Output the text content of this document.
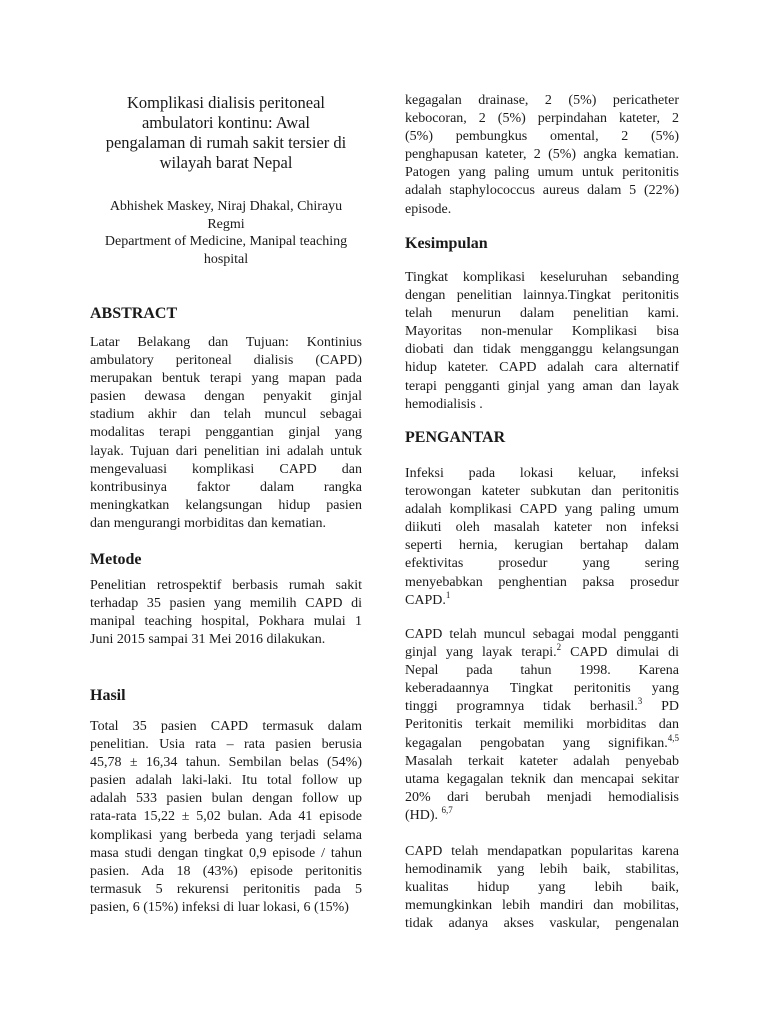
Komplikasi dialisis peritoneal
ambulatori kontinu: Awal
pengalaman di rumah sakit tersier di
wilayah barat Nepal

Abhishek Maskey, Niraj Dhakal, Chirayu
Regmi

Department of Medicine, Manipal teaching
hospital

ABSTRACT
Latar Belakang dan Tujuan: Kontinius
ambulatory peritoneal dialisis (CAPD)
merupakan bentuk terapi yang mapan pada
pasien dewasa dengan penyakit ginjal
stadium akhir dan telah muncul sebagai
modalitas terapi penggantian ginjal yang
layak. Tujuan dari penelitian ini adalah untuk
mengevaluasi komplikasi CAPD dan
kontribusinya faktor dalam rangka
meningkatkan kelangsungan hidup pasien
dan mengurangi morbiditas dan kematian.
Metode
Penelitian retrospektif berbasis rumah sakit
terhadap 35 pasien yang memilih CAPD di
manipal teaching hospital, Pokhara mulai 1
Juni 2015 sampai 31 Mei 2016 dilakukan.
Hasil
Total 35 pasien CAPD termasuk dalam
penelitian. Usia rata – rata pasien berusia
45,78 ± 16,34 tahun. Sembilan belas (54%)
pasien adalah laki-laki. Itu total follow up
adalah 533 pasien bulan dengan follow up
rata-rata 15,22 ± 5,02 bulan. Ada 41 episode
komplikasi yang berbeda yang terjadi selama
masa studi dengan tingkat 0,9 episode / tahun
pasien. Ada 18 (43%) episode peritonitis
termasuk 5 rekurensi peritonitis pada 5
pasien, 6 (15%) infeksi di luar lokasi, 6 (15%)
kegagalan drainase, 2 (5%) pericatheter
kebocoran, 2 (5%) perpindahan kateter, 2
(5%) pembungkus omental, 2 (5%)
penghapusan kateter, 2 (5%) angka kematian.
Patogen yang paling umum untuk peritonitis
adalah staphylococcus aureus dalam 5 (22%)
episode.
Kesimpulan
Tingkat komplikasi keseluruhan sebanding
dengan penelitian lainnya.Tingkat peritonitis
telah menurun dalam penelitian kami.
Mayoritas non-menular Komplikasi bisa
diobati dan tidak mengganggu kelangsungan
hidup kateter. CAPD adalah cara alternatif
terapi pengganti ginjal yang aman dan layak
hemodialisis .
PENGANTAR
Infeksi pada lokasi keluar, infeksi
terowongan kateter subkutan dan peritonitis
adalah komplikasi CAPD yang paling umum
diikuti oleh masalah kateter non infeksi
seperti hernia, kerugian bertahap dalam
efektivitas prosedur yang sering
menyebabkan penghentian paksa prosedur
CAPD.$^1$
CAPD telah muncul sebagai modal pengganti
ginjal yang layak terapi.$^2$ CAPD dimulai di
Nepal pada tahun 1998. Karena
keberadaannya Tingkat peritonitis yang
tinggi programnya tidak berhasil.$^3$ PD
Peritonitis terkait memiliki morbiditas dan
kegagalan pengobatan yang signifikan.$^{4,5}$
Masalah terkait kateter adalah penyebab
utama kegagalan teknik dan mencapai sekitar
20% dari berubah menjadi hemodialisis
(HD). $^{6,7}$
CAPD telah mendapatkan popularitas karena
hemodinamik yang lebih baik, stabilitas,
kualitas hidup yang lebih baik,
memungkinkan lebih mandiri dan mobilitas,
tidak adanya akses vaskular, pengenalan
